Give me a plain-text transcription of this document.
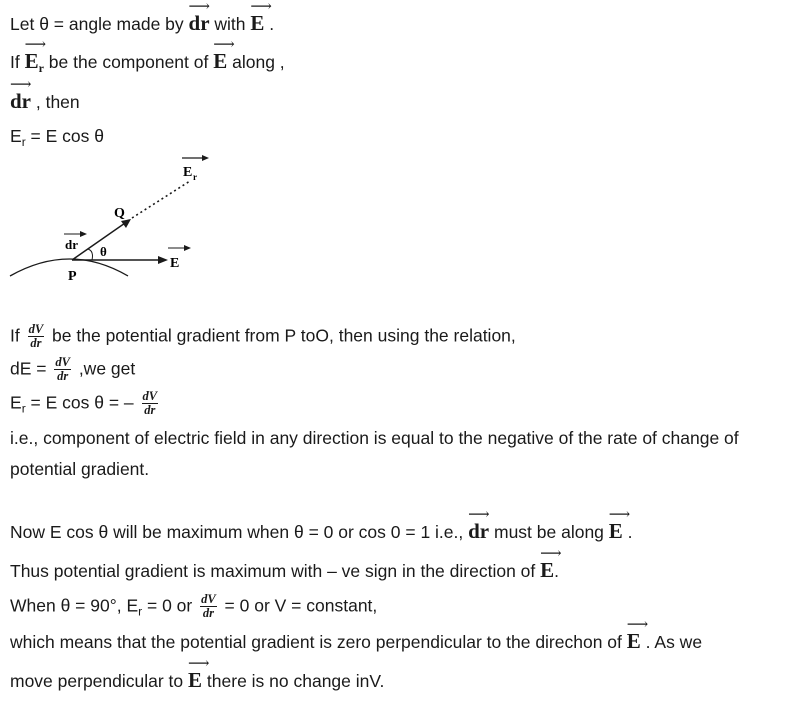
Let θ = angle made by
⟶
dr with
⟶
E .
If
⟶
$E_r$ be the component of
⟶
E along ,
⟶
dr , then
$E_r = E$ cos θ
E r
Q
dr θ
E
P
If $\frac{dV}{dr}$ be the potential gradient from P toO, then using the relation,
dE = $\frac{dV}{dr} ,we$ get
$E_r = E$ cos θ = – $\frac{dV}{dr}$
i.e., component of electric field in any direction is equal to the negative of the rate of change of
potential gradient.
Now E cos θ will be maximum when θ = 0 or cos 0 = 1 i.e.,
⟶
dr must be along
⟶
E .
Thus potential gradient is maximum with – ve sign in the direction of
⟶
E.
When θ = 90°, $E_r = 0$ or $\frac{dV}{dr} = 0$ or V = constant,
which means that the potential gradient is zero perpendicular to the direchon of
⟶
E . As we
move perpendicular to
⟶
E there is no change inV.
